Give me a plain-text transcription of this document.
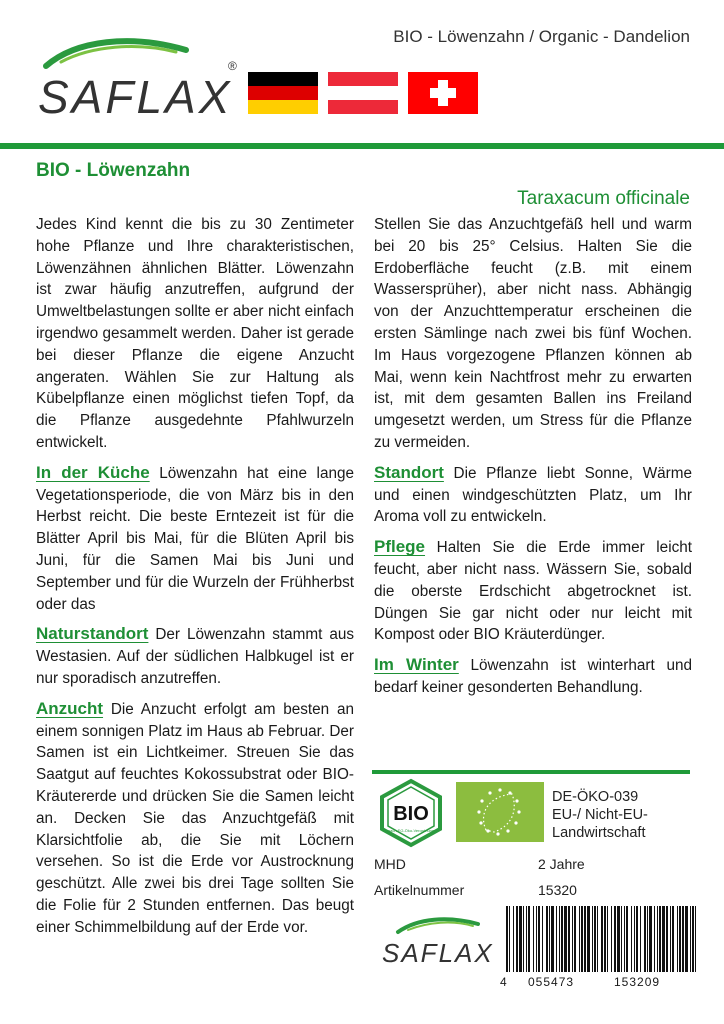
BIO - Löwenzahn / Organic - Dandelion
SAFLAX
®
BIO - Löwenzahn
Taraxacum officinale

Jedes Kind kennt die bis zu 30 Zentimeter hohe Pflanze und Ihre charakteristischen, Löwenzähnen ähnlichen Blätter. Löwenzahn ist zwar häufig anzutreffen, aufgrund der Umweltbelastungen sollte er aber nicht einfach irgendwo gesammelt werden. Daher ist gerade bei dieser Pflanze die eigene Anzucht angeraten. Wählen Sie zur Haltung als Kübelpflanze einen möglichst tiefen Topf, da die Pflanze ausgedehnte Pfahlwurzeln entwickelt.

In der Küche Löwenzahn hat eine lange Vegetationsperiode, die von März bis in den Herbst reicht. Die beste Erntezeit ist für die Blätter April bis Mai, für die Blüten April bis Juni, für die Samen Mai bis Juni und September und für die Wurzeln der Frühherbst oder das

Naturstandort Der Löwenzahn stammt aus Westasien. Auf der südlichen Halbkugel ist er nur sporadisch anzutreffen.

Anzucht Die Anzucht erfolgt am besten an einem sonnigen Platz im Haus ab Februar. Der Samen ist ein Lichtkeimer. Streuen Sie das Saatgut auf feuchtes Kokossubstrat oder BIO-Kräutererde und drücken Sie die Samen leicht an. Decken Sie das Anzuchtgefäß mit Klarsichtfolie ab, die Sie mit Löchern versehen. So ist die Erde vor Austrocknung geschützt. Alle zwei bis drei Tage sollten Sie die Folie für 2 Stunden entfernen. Das beugt einer Schimmelbildung auf der Erde vor.

Stellen Sie das Anzuchtgefäß hell und warm bei 20 bis 25° Celsius. Halten Sie die Erdoberfläche feucht (z.B. mit einem Wassersprüher), aber nicht nass. Abhängig von der Anzuchttemperatur erscheinen die ersten Sämlinge nach zwei bis fünf Wochen. Im Haus vorgezogene Pflanzen können ab Mai, wenn kein Nachtfrost mehr zu erwarten ist, mit dem gesamten Ballen ins Freiland umgesetzt werden, um Stress für die Pflanze zu vermeiden.

Standort Die Pflanze liebt Sonne, Wärme und einen windgeschützten Platz, um Ihr Aroma voll zu entwickeln.

Pflege Halten Sie die Erde immer leicht feucht, aber nicht nass. Wässern Sie, sobald die oberste Erdschicht abgetrocknet ist. Düngen Sie gar nicht oder nur leicht mit Kompost oder BIO Kräuterdünger.

Im Winter Löwenzahn ist winterhart und bedarf keiner gesonderten Behandlung.

BIO
nach EG-Öko-Verordnung
DE-ÖKO-039
EU-/ Nicht-EU-
Landwirtschaft
MHD	2 Jahre
Artikelnummer	15320
SAFLAX
4 055473	153209
